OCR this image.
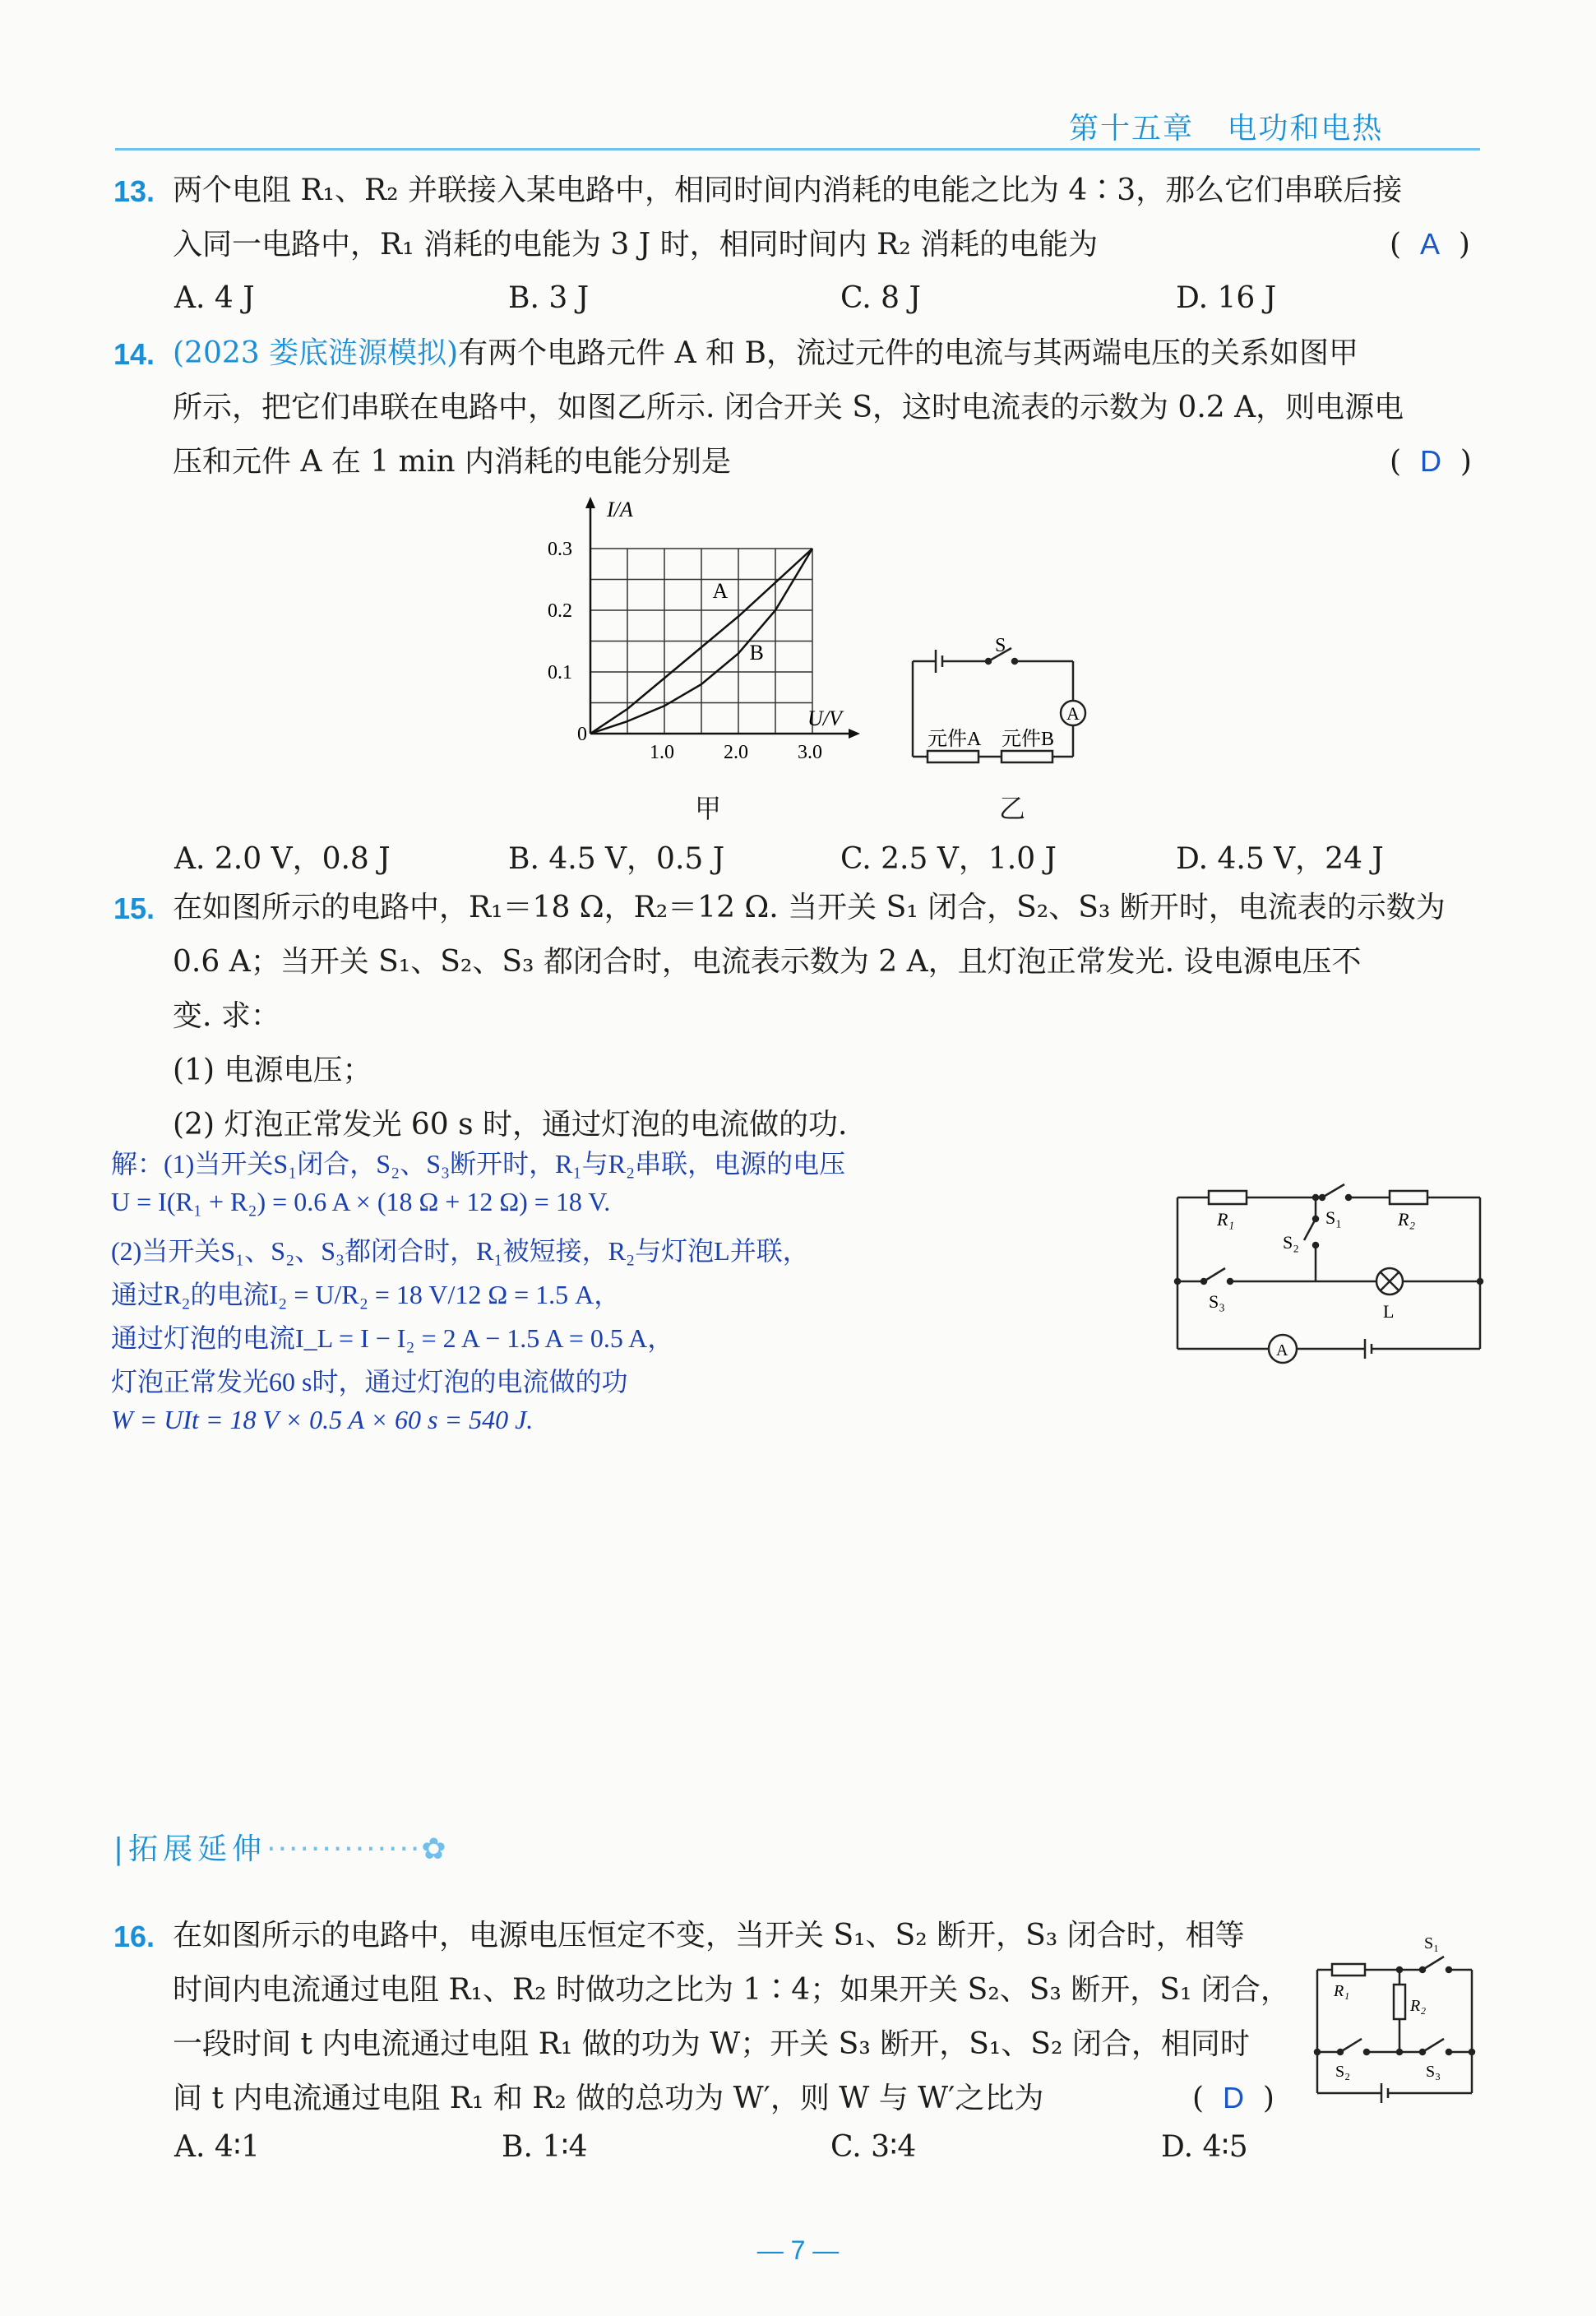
第十五章 电功和电热
13. 两个电阻 R₁、R₂ 并联接入某电路中，相同时间内消耗的电能之比为 4∶3，那么它们串联后接
入同一电路中，R₁ 消耗的电能为 3 J 时，相同时间内 R₂ 消耗的电能为	(  A  )
A. 4 J	B. 3 J	C. 8 J	D. 16 J
14. (2023 娄底涟源模拟)有两个电路元件 A 和 B，流过元件的电流与其两端电压的关系如图甲
所示，把它们串联在电路中，如图乙所示. 闭合开关 S，这时电流表的示数为 0.2 A，则电源电
压和元件 A 在 1 min 内消耗的电能分别是	(  D  )
1.0	2.0	3.0
0.1
0.2
0.3
A
B
I/A
U/V
0
甲
S
A
元件A 元件B
乙
A. 2.0 V，0.8 J	B. 4.5 V，0.5 J	C. 2.5 V，1.0 J	D. 4.5 V，24 J
15. 在如图所示的电路中，R₁＝18 Ω，R₂＝12 Ω. 当开关 S₁ 闭合，S₂、S₃ 断开时，电流表的示数为
0.6 A；当开关 S₁、S₂、S₃ 都闭合时，电流表示数为 2 A，且灯泡正常发光. 设电源电压不
变. 求：
(1) 电源电压；
(2) 灯泡正常发光 60 s 时，通过灯泡的电流做的功.
解：(1)当开关S₁闭合，S₂、S₃断开时，R₁与R₂串联，电源的电压
U = I(R₁ + R₂) = 0.6 A × (18 Ω + 12 Ω) = 18 V.
(2)当开关S₁、S₂、S₃都闭合时，R₁被短接，R₂与灯泡L并联，
通过R₂的电流I₂ = U/R₂ = 18 V/12 Ω = 1.5 A，
通过灯泡的电流I_L = I − I₂ = 2 A − 1.5 A = 0.5 A，
灯泡正常发光60 s时，通过灯泡的电流做的功
W = UIt = 18 V × 0.5 A × 60 s = 540 J.
R₁	R₂
S₁
S₂
S₃	L
A
|拓展延伸··············✿
16. 在如图所示的电路中，电源电压恒定不变，当开关 S₁、S₂ 断开，S₃ 闭合时，相等
时间内电流通过电阻 R₁、R₂ 时做功之比为 1∶4；如果开关 S₂、S₃ 断开，S₁ 闭合，
一段时间 t 内电流通过电阻 R₁ 做的功为 W；开关 S₃ 断开，S₁、S₂ 闭合，相同时
间 t 内电流通过电阻 R₁ 和 R₂ 做的总功为 W′，则 W 与 W′之比为	(  D  )
A. 4∶1	B. 1∶4	C. 3∶4	D. 4∶5
R₁
R₂
S₁
S₂	S₃
— 7 —
